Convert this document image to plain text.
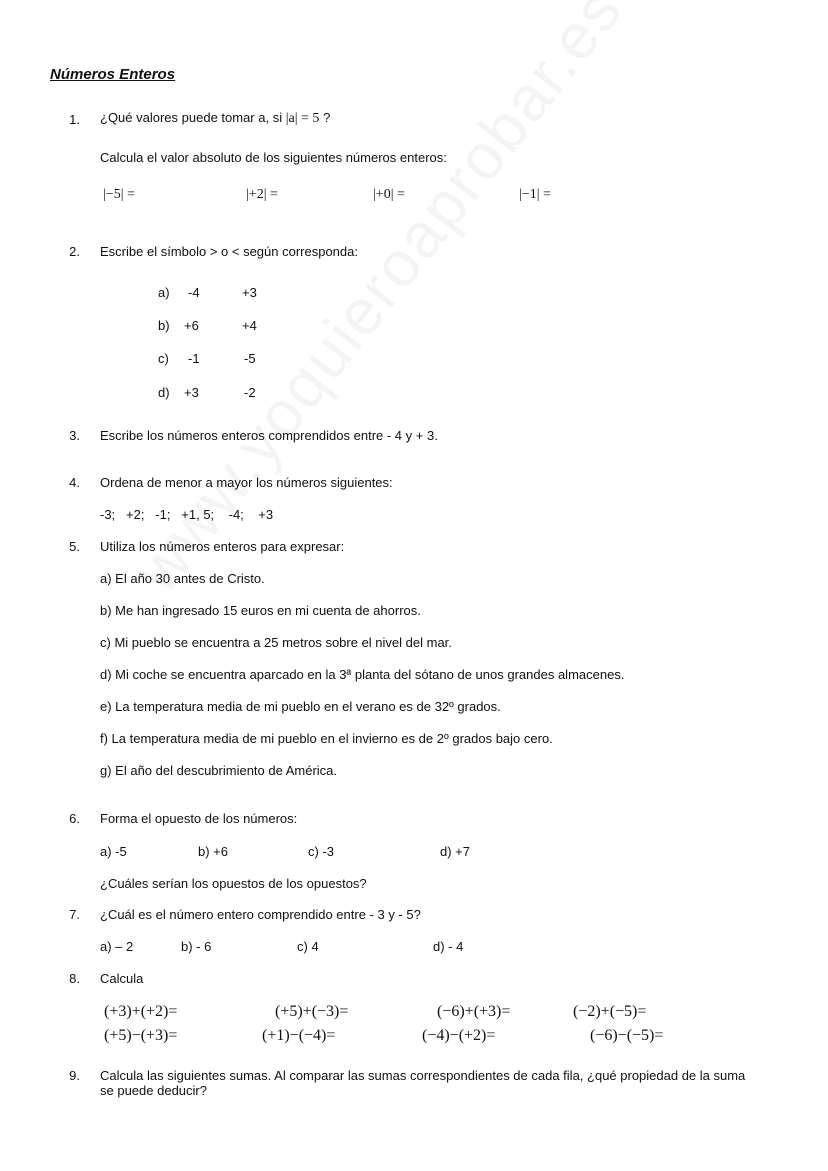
Números Enteros
1. ¿Qué valores puede tomar a, si |a| = 5 ?
Calcula el valor absoluto de los siguientes números enteros:
|−5| =	|+2| =	|+0| =	|−1| =
2. Escribe el símbolo > o < según corresponda:
a) -4	+3
b) +6	+4
c) -1	-5
d) +3	-2
3. Escribe los números enteros comprendidos entre - 4 y + 3.
4. Ordena de menor a mayor los números siguientes:
-3;   +2;   -1;   +1, 5;    -4;    +3
5. Utiliza los números enteros para expresar:
a) El año 30 antes de Cristo.
b) Me han ingresado 15 euros en mi cuenta de ahorros.
c) Mi pueblo se encuentra a 25 metros sobre el nivel del mar.
d) Mi coche se encuentra aparcado en la 3ª planta del sótano de unos grandes almacenes.
e) La temperatura media de mi pueblo en el verano es de 32º grados.
f) La temperatura media de mi pueblo en el invierno es de 2º grados bajo cero.
g) El año del descubrimiento de América.
6. Forma el opuesto de los números:
a) -5	b) +6	c) -3	d) +7
¿Cuáles serían los opuestos de los opuestos?
7. ¿Cuál es el número entero comprendido entre - 3 y - 5?
a) – 2	b) - 6	c) 4	d) - 4
8. Calcula
(+3)+(+2)=	(+5)+(−3)=	(−6)+(+3)=	(−2)+(−5)=
(+5)−(+3)=	(+1)−(−4)=	(−4)−(+2)=	(−6)−(−5)=
9. Calcula las siguientes sumas. Al comparar las sumas correspondientes de cada fila, ¿qué propiedad de la suma se puede deducir?
